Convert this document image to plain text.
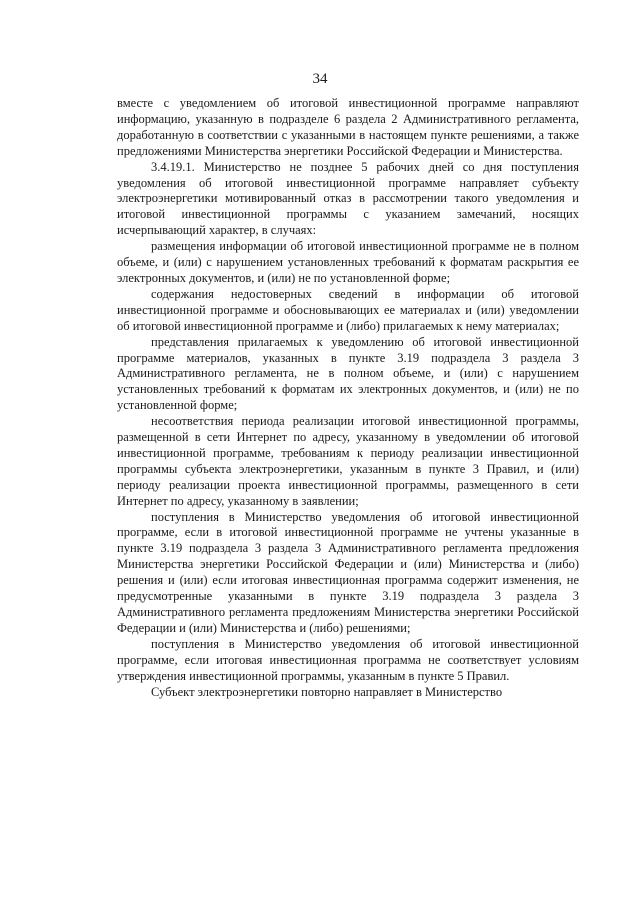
34

вместе с уведомлением об итоговой инвестиционной программе направляют информацию, указанную в подразделе 6 раздела 2 Административного регламента, доработанную в соответствии с указанными в настоящем пункте решениями, а также предложениями Министерства энергетики Российской Федерации и Министерства.

3.4.19.1. Министерство не позднее 5 рабочих дней со дня поступления уведомления об итоговой инвестиционной программе направляет субъекту электроэнергетики мотивированный отказ в рассмотрении такого уведомления и итоговой инвестиционной программы с указанием замечаний, носящих исчерпывающий характер, в случаях:

размещения информации об итоговой инвестиционной программе не в полном объеме, и (или) с нарушением установленных требований к форматам раскрытия ее электронных документов, и (или) не по установленной форме;

содержания недостоверных сведений в информации об итоговой инвестиционной программе и обосновывающих ее материалах и (или) уведомлении об итоговой инвестиционной программе и (либо) прилагаемых к нему материалах;

представления прилагаемых к уведомлению об итоговой инвестиционной программе материалов, указанных в пункте 3.19 подраздела 3 раздела 3 Административного регламента, не в полном объеме, и (или) с нарушением установленных требований к форматам их электронных документов, и (или) не по установленной форме;

несоответствия периода реализации итоговой инвестиционной программы, размещенной в сети Интернет по адресу, указанному в уведомлении об итоговой инвестиционной программе, требованиям к периоду реализации инвестиционной программы субъекта электроэнергетики, указанным в пункте 3 Правил, и (или) периоду реализации проекта инвестиционной программы, размещенного в сети Интернет по адресу, указанному в заявлении;

поступления в Министерство уведомления об итоговой инвестиционной программе, если в итоговой инвестиционной программе не учтены указанные в пункте 3.19 подраздела 3 раздела 3 Административного регламента предложения Министерства энергетики Российской Федерации и (или) Министерства и (либо) решения и (или) если итоговая инвестиционная программа содержит изменения, не предусмотренные указанными в пункте 3.19 подраздела 3 раздела 3 Административного регламента предложениям Министерства энергетики Российской Федерации и (или) Министерства и (либо) решениями;

поступления в Министерство уведомления об итоговой инвестиционной программе, если итоговая инвестиционная программа не соответствует условиям утверждения инвестиционной программы, указанным в пункте 5 Правил.

Субъект электроэнергетики повторно направляет в Министерство
